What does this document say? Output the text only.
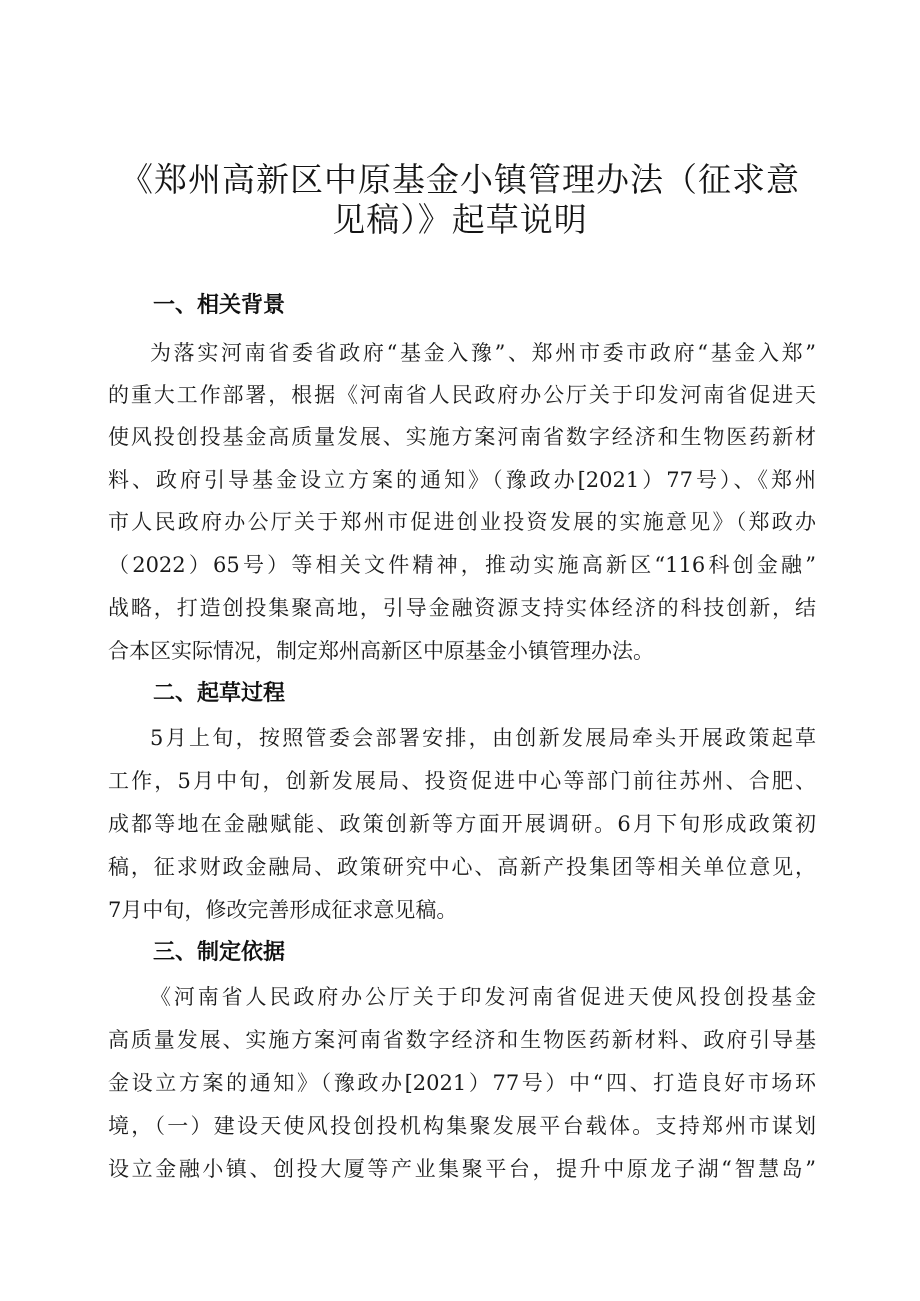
《郑州高新区中原基金小镇管理办法（征求意
见稿）》起草说明
一、相关背景
为落实河南省委省政府“基金入豫”、郑州市委市政府“基金入郑”
的重大工作部署，根据《河南省人民政府办公厅关于印发河南省促进天
使风投创投基金高质量发展、实施方案河南省数字经济和生物医药新材
料、政府引导基金设立方案的通知》（豫政办[2021）77号）、《郑州
市人民政府办公厅关于郑州市促进创业投资发展的实施意见》（郑政办
（2022）65号）等相关文件精神，推动实施高新区“116科创金融”
战略，打造创投集聚高地，引导金融资源支持实体经济的科技创新，结
合本区实际情况，制定郑州高新区中原基金小镇管理办法。
二、起草过程
5月上旬，按照管委会部署安排，由创新发展局牵头开展政策起草
工作，5月中旬，创新发展局、投资促进中心等部门前往苏州、合肥、
成都等地在金融赋能、政策创新等方面开展调研。6月下旬形成政策初
稿，征求财政金融局、政策研究中心、高新产投集团等相关单位意见，
7月中旬，修改完善形成征求意见稿。
三、制定依据
《河南省人民政府办公厅关于印发河南省促进天使风投创投基金
高质量发展、实施方案河南省数字经济和生物医药新材料、政府引导基
金设立方案的通知》（豫政办[2021）77号）中“四、打造良好市场环
境，（一）建设天使风投创投机构集聚发展平台载体。支持郑州市谋划
设立金融小镇、创投大厦等产业集聚平台，提升中原龙子湖“智慧岛”
